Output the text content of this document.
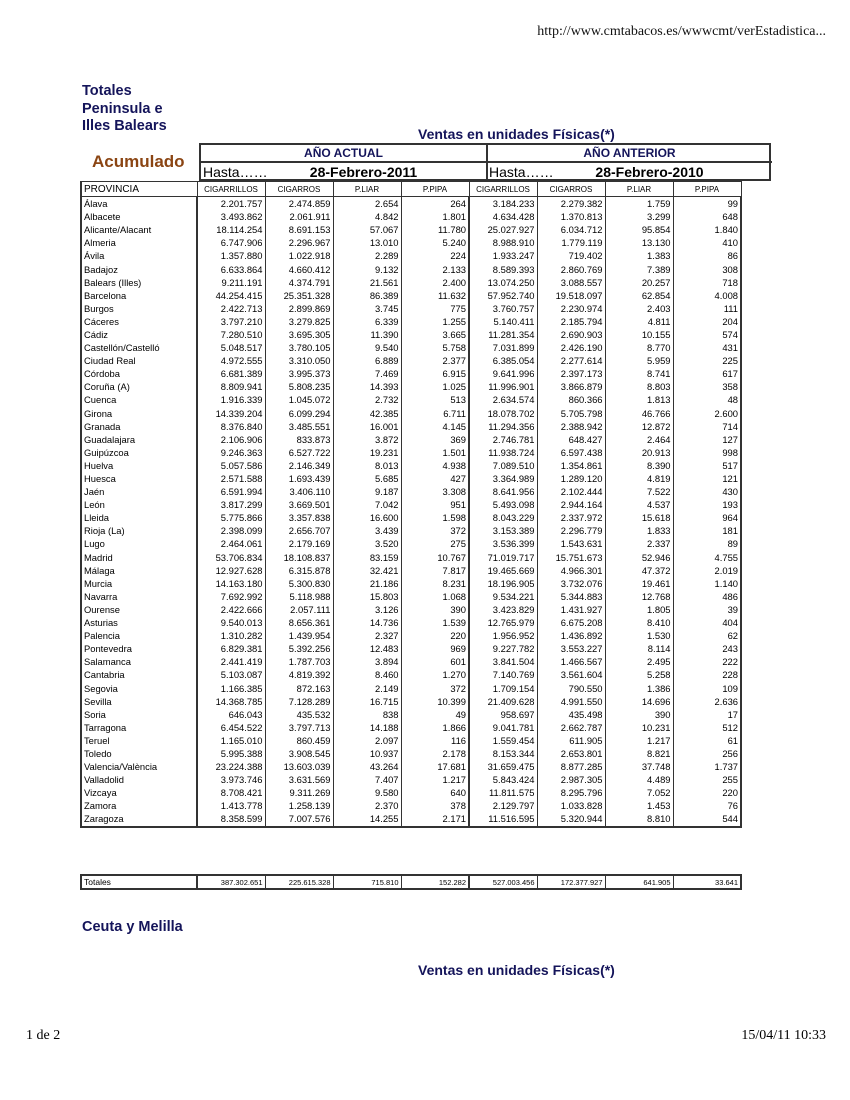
http://www.cmtabacos.es/wwwcmt/verEstadistica...
Totales
Peninsula e
Illes Balears	Ventas en unidades Físicas(*)
Acumulado	AÑO ACTUAL
Hasta……	28-Febrero-2011
AÑO ANTERIOR
Hasta……	28-Febrero-2010
PROVINCIA	CIGARRILLOS	CIGARROS	P.LIAR	P.PIPA	CIGARRILLOS	CIGARROS	P.LIAR	P.PIPA
Álava	2.201.757	2.474.859	2.654	264	3.184.233	2.279.382	1.759	99
Albacete	3.493.862	2.061.911	4.842	1.801	4.634.428	1.370.813	3.299	648
Alicante/Alacant	18.114.254	8.691.153	57.067	11.780	25.027.927	6.034.712	95.854	1.840
Almeria	6.747.906	2.296.967	13.010	5.240	8.988.910	1.779.119	13.130	410
Ávila	1.357.880	1.022.918	2.289	224	1.933.247	719.402	1.383	86
Badajoz	6.633.864	4.660.412	9.132	2.133	8.589.393	2.860.769	7.389	308
Balears (Illes)	9.211.191	4.374.791	21.561	2.400	13.074.250	3.088.557	20.257	718
Barcelona	44.254.415	25.351.328	86.389	11.632	57.952.740	19.518.097	62.854	4.008
Burgos	2.422.713	2.899.869	3.745	775	3.760.757	2.230.974	2.403	111
Cáceres	3.797.210	3.279.825	6.339	1.255	5.140.411	2.185.794	4.811	204
Cádiz	7.280.510	3.695.305	11.390	3.665	11.281.354	2.690.903	10.155	574
Castellón/Castelló	5.048.517	3.780.105	9.540	5.758	7.031.899	2.426.190	8.770	431
Ciudad Real	4.972.555	3.310.050	6.889	2.377	6.385.054	2.277.614	5.959	225
Córdoba	6.681.389	3.995.373	7.469	6.915	9.641.996	2.397.173	8.741	617
Coruña (A)	8.809.941	5.808.235	14.393	1.025	11.996.901	3.866.879	8.803	358
Cuenca	1.916.339	1.045.072	2.732	513	2.634.574	860.366	1.813	48
Girona	14.339.204	6.099.294	42.385	6.711	18.078.702	5.705.798	46.766	2.600
Granada	8.376.840	3.485.551	16.001	4.145	11.294.356	2.388.942	12.872	714
Guadalajara	2.106.906	833.873	3.872	369	2.746.781	648.427	2.464	127
Guipúzcoa	9.246.363	6.527.722	19.231	1.501	11.938.724	6.597.438	20.913	998
Huelva	5.057.586	2.146.349	8.013	4.938	7.089.510	1.354.861	8.390	517
Huesca	2.571.588	1.693.439	5.685	427	3.364.989	1.289.120	4.819	121
Jaén	6.591.994	3.406.110	9.187	3.308	8.641.956	2.102.444	7.522	430
León	3.817.299	3.669.501	7.042	951	5.493.098	2.944.164	4.537	193
Lleida	5.775.866	3.357.838	16.600	1.598	8.043.229	2.337.972	15.618	964
Rioja (La)	2.398.099	2.656.707	3.439	372	3.153.389	2.296.779	1.833	181
Lugo	2.464.061	2.179.169	3.520	275	3.536.399	1.543.631	2.337	89
Madrid	53.706.834	18.108.837	83.159	10.767	71.019.717	15.751.673	52.946	4.755
Málaga	12.927.628	6.315.878	32.421	7.817	19.465.669	4.966.301	47.372	2.019
Murcia	14.163.180	5.300.830	21.186	8.231	18.196.905	3.732.076	19.461	1.140
Navarra	7.692.992	5.118.988	15.803	1.068	9.534.221	5.344.883	12.768	486
Ourense	2.422.666	2.057.111	3.126	390	3.423.829	1.431.927	1.805	39
Asturias	9.540.013	8.656.361	14.736	1.539	12.765.979	6.675.208	8.410	404
Palencia	1.310.282	1.439.954	2.327	220	1.956.952	1.436.892	1.530	62
Pontevedra	6.829.381	5.392.256	12.483	969	9.227.782	3.553.227	8.114	243
Salamanca	2.441.419	1.787.703	3.894	601	3.841.504	1.466.567	2.495	222
Cantabria	5.103.087	4.819.392	8.460	1.270	7.140.769	3.561.604	5.258	228
Segovia	1.166.385	872.163	2.149	372	1.709.154	790.550	1.386	109
Sevilla	14.368.785	7.128.289	16.715	10.399	21.409.628	4.991.550	14.696	2.636
Soria	646.043	435.532	838	49	958.697	435.498	390	17
Tarragona	6.454.522	3.797.713	14.188	1.866	9.041.781	2.662.787	10.231	512
Teruel	1.165.010	860.459	2.097	116	1.559.454	611.905	1.217	61
Toledo	5.995.388	3.908.545	10.937	2.178	8.153.344	2.653.801	8.821	256
Valencia/València	23.224.388	13.603.039	43.264	17.681	31.659.475	8.877.285	37.748	1.737
Valladolid	3.973.746	3.631.569	7.407	1.217	5.843.424	2.987.305	4.489	255
Vizcaya	8.708.421	9.311.269	9.580	640	11.811.575	8.295.796	7.052	220
Zamora	1.413.778	1.258.139	2.370	378	2.129.797	1.033.828	1.453	76
Zaragoza	8.358.599	7.007.576	14.255	2.171	11.516.595	5.320.944	8.810	544
Totales	387.302.651	225.615.328	715.810	152.282	527.003.456	172.377.927	641.905	33.641
Ceuta y Melilla
Ventas en unidades Físicas(*)
1 de 2	15/04/11 10:33
